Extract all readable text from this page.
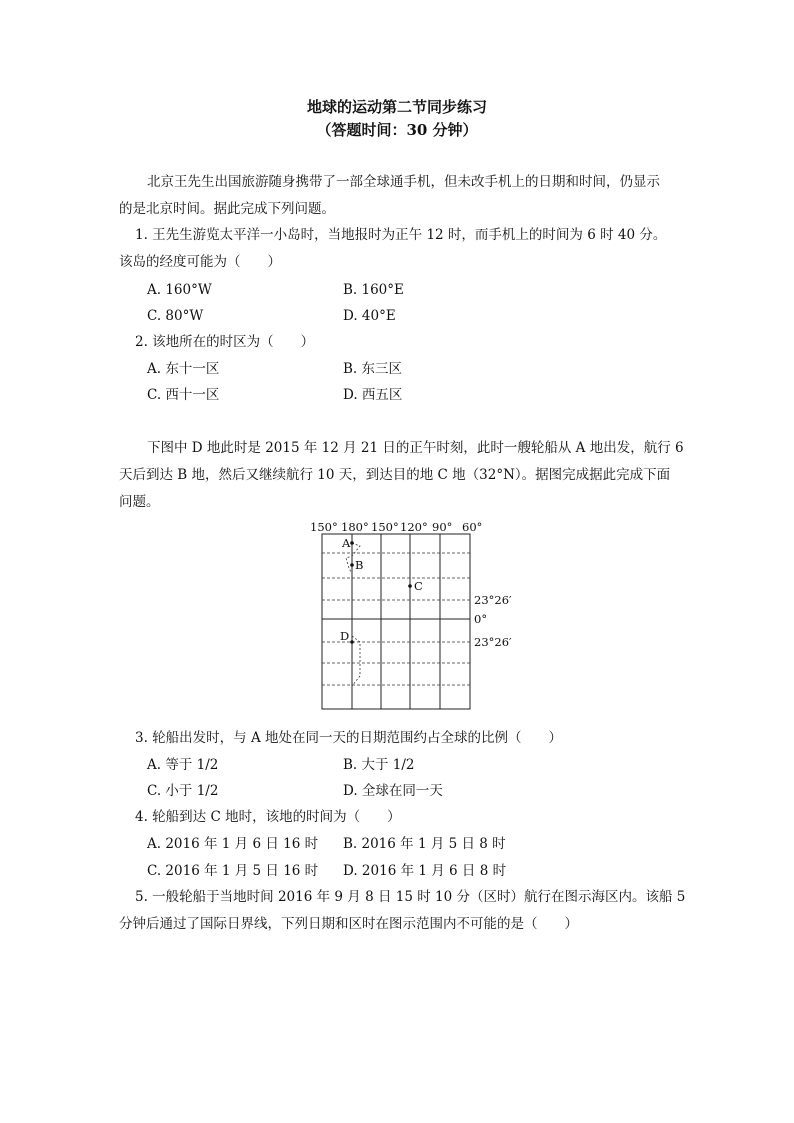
地球的运动第二节同步练习
（答题时间：30 分钟）
北京王先生出国旅游随身携带了一部全球通手机，但未改手机上的日期和时间，仍显示
的是北京时间。据此完成下列问题。
1. 王先生游览太平洋一小岛时，当地报时为正午 12 时，而手机上的时间为 6 时 40 分。
该岛的经度可能为（　　）
A. 160°W	B. 160°E
C. 80°W	D. 40°E
2. 该地所在的时区为（　　）
A. 东十一区	B. 东三区
C. 西十一区	D. 西五区
下图中 D 地此时是 2015 年 12 月 21 日的正午时刻，此时一艘轮船从 A 地出发，航行 6
天后到达 B 地，然后又继续航行 10 天，到达目的地 C 地（32°N）。据图完成据此完成下面
问题。
150° 180° 150° 120° 90° 60°
A
B
C
D
23°26′
0°
23°26′
3. 轮船出发时，与 A 地处在同一天的日期范围约占全球的比例（　　）
A. 等于 1/2	B. 大于 1/2
C. 小于 1/2	D. 全球在同一天
4. 轮船到达 C 地时，该地的时间为（　　）
A. 2016 年 1 月 6 日 16 时 B. 2016 年 1 月 5 日 8 时
C. 2016 年 1 月 5 日 16 时 D. 2016 年 1 月 6 日 8 时
5. 一般轮船于当地时间 2016 年 9 月 8 日 15 时 10 分（区时）航行在图示海区内。该船 5
分钟后通过了国际日界线，下列日期和区时在图示范围内不可能的是（　　）
